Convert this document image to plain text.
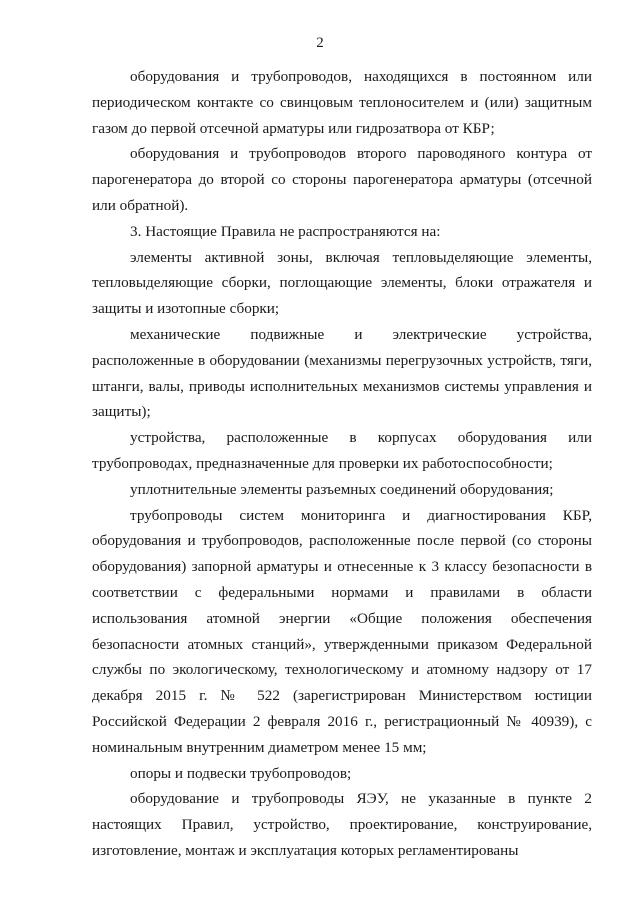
2

оборудования и трубопроводов, находящихся в постоянном или периодическом контакте со свинцовым теплоносителем и (или) защитным газом до первой отсечной арматуры или гидрозатвора от КБР;

оборудования и трубопроводов второго пароводяного контура от парогенератора до второй со стороны парогенератора арматуры (отсечной или обратной).

3. Настоящие Правила не распространяются на:

элементы активной зоны, включая тепловыделяющие элементы, тепловыделяющие сборки, поглощающие элементы, блоки отражателя и защиты и изотопные сборки;

механические подвижные и электрические устройства, расположенные в оборудовании (механизмы перегрузочных устройств, тяги, штанги, валы, приводы исполнительных механизмов системы управления и защиты);

устройства, расположенные в корпусах оборудования или трубопроводах, предназначенные для проверки их работоспособности;

уплотнительные элементы разъемных соединений оборудования;

трубопроводы систем мониторинга и диагностирования КБР, оборудования и трубопроводов, расположенные после первой (со стороны оборудования) запорной арматуры и отнесенные к 3 классу безопасности в соответствии с федеральными нормами и правилами в области использования атомной энергии «Общие положения обеспечения безопасности атомных станций», утвержденными приказом Федеральной службы по экологическому, технологическому и атомному надзору от 17 декабря 2015 г. № 522 (зарегистрирован Министерством юстиции Российской Федерации 2 февраля 2016 г., регистрационный № 40939), с номинальным внутренним диаметром менее 15 мм;

опоры и подвески трубопроводов;

оборудование и трубопроводы ЯЭУ, не указанные в пункте 2 настоящих Правил, устройство, проектирование, конструирование, изготовление, монтаж и эксплуатация которых регламентированы
